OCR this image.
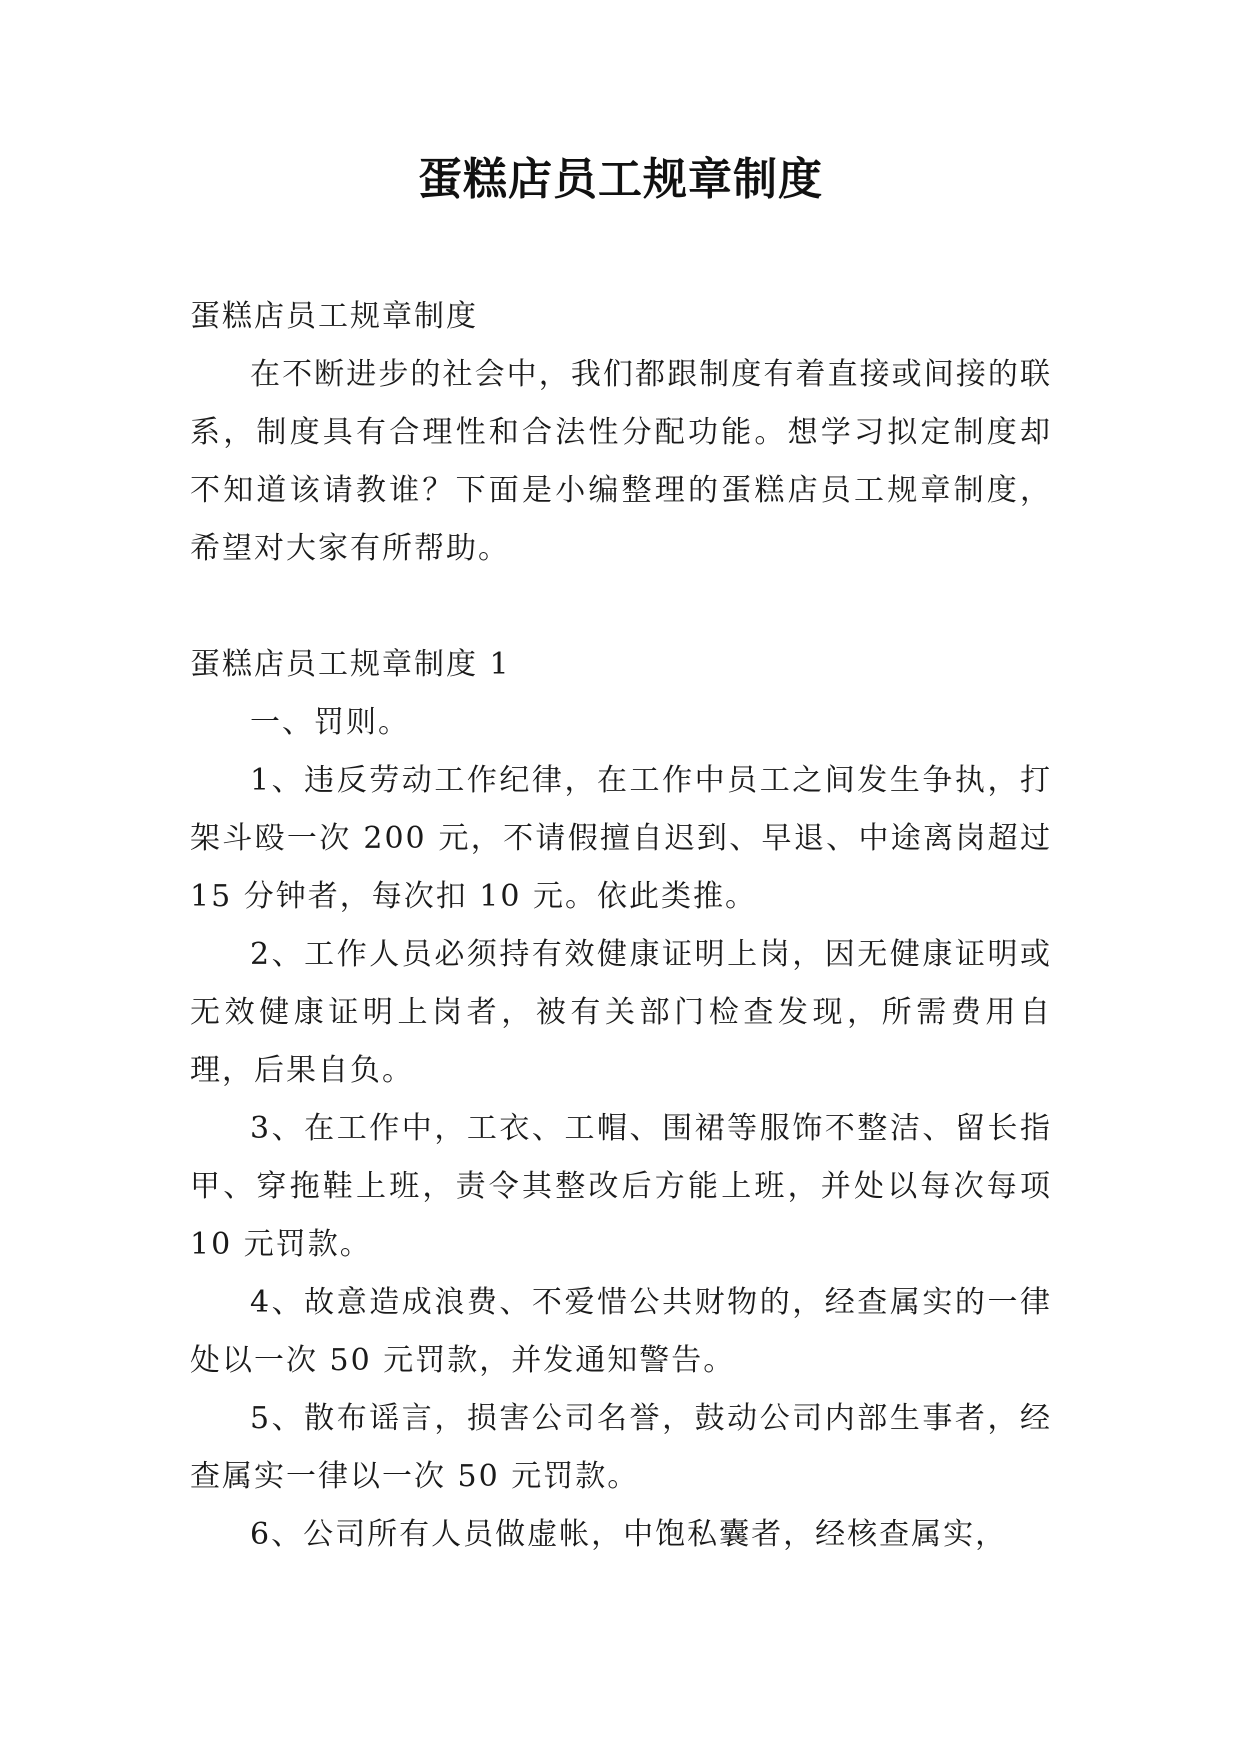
蛋糕店员工规章制度

蛋糕店员工规章制度

在不断进步的社会中，我们都跟制度有着直接或间接的联系，制度具有合理性和合法性分配功能。想学习拟定制度却不知道该请教谁？下面是小编整理的蛋糕店员工规章制度，希望对大家有所帮助。

蛋糕店员工规章制度 1

一、罚则。

1、违反劳动工作纪律，在工作中员工之间发生争执，打架斗殴一次 200 元，不请假擅自迟到、早退、中途离岗超过 15 分钟者，每次扣 10 元。依此类推。

2、工作人员必须持有效健康证明上岗，因无健康证明或无效健康证明上岗者，被有关部门检查发现，所需费用自理，后果自负。

3、在工作中，工衣、工帽、围裙等服饰不整洁、留长指甲、穿拖鞋上班，责令其整改后方能上班，并处以每次每项 10 元罚款。

4、故意造成浪费、不爱惜公共财物的，经查属实的一律处以一次 50 元罚款，并发通知警告。

5、散布谣言，损害公司名誉，鼓动公司内部生事者，经查属实一律以一次 50 元罚款。

6、公司所有人员做虚帐，中饱私囊者，经核查属实，
